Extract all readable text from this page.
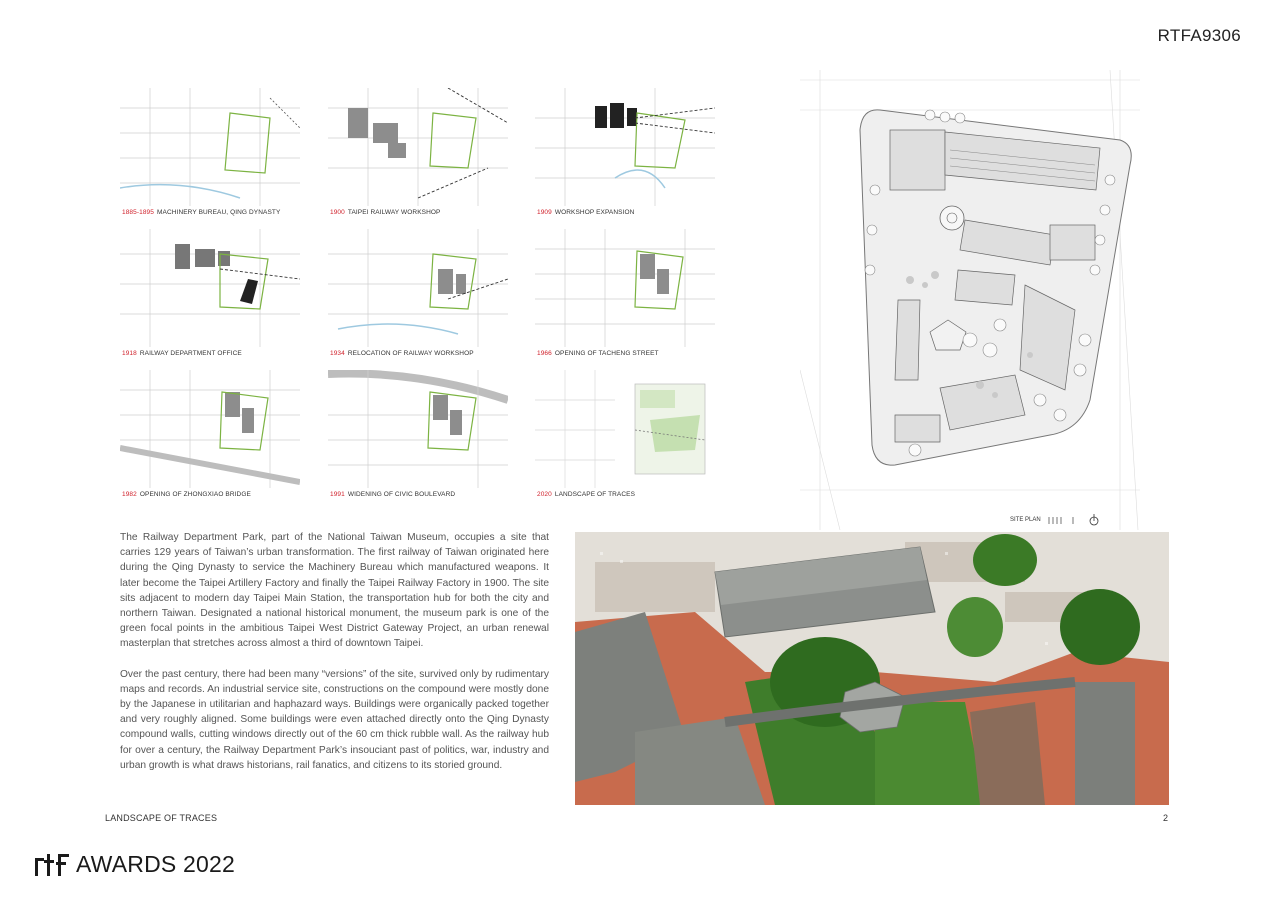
RTFA9306
1885-1895 MACHINERY BUREAU, QING DYNASTY	1900 TAIPEI RAILWAY WORKSHOP	1909 WORKSHOP EXPANSION
1918 RAILWAY DEPARTMENT OFFICE	1934 RELOCATION OF RAILWAY WORKSHOP	1966 OPENING OF TACHENG STREET
1982 OPENING OF ZHONGXIAO BRIDGE	1991 WIDENING OF CIVIC BOULEVARD	2020 LANDSCAPE OF TRACES
SITE PLAN

The Railway Department Park, part of the National Taiwan Museum, occupies a site that carries 129 years of Taiwan’s urban transformation. The first railway of Taiwan originated here during the Qing Dynasty to service the Machinery Bureau which manufactured weapons. It later become the Taipei Artillery Factory and finally the Taipei Railway Factory in 1900. The site sits adjacent to modern day Taipei Main Station, the transportation hub for both the city and northern Taiwan. Designated a national historical monument, the museum park is one of the green focal points in the ambitious Taipei West District Gateway Project, an urban renewal masterplan that stretches across almost a third of downtown Taipei.

Over the past century, there had been many “versions” of the site, survived only by rudimentary maps and records. An industrial service site, constructions on the compound were mostly done by the Japanese in utilitarian and haphazard ways. Buildings were organically packed together and very roughly aligned. Some buildings were even attached directly onto the Qing Dynasty compound walls, cutting windows directly out of the 60 cm thick rubble wall. As the railway hub for over a century, the Railway Department Park’s insouciant past of politics, war, industry and urban growth is what draws historians, rail fanatics, and citizens to its storied ground.

LANDSCAPE OF TRACES	2
AWARDS 2022
